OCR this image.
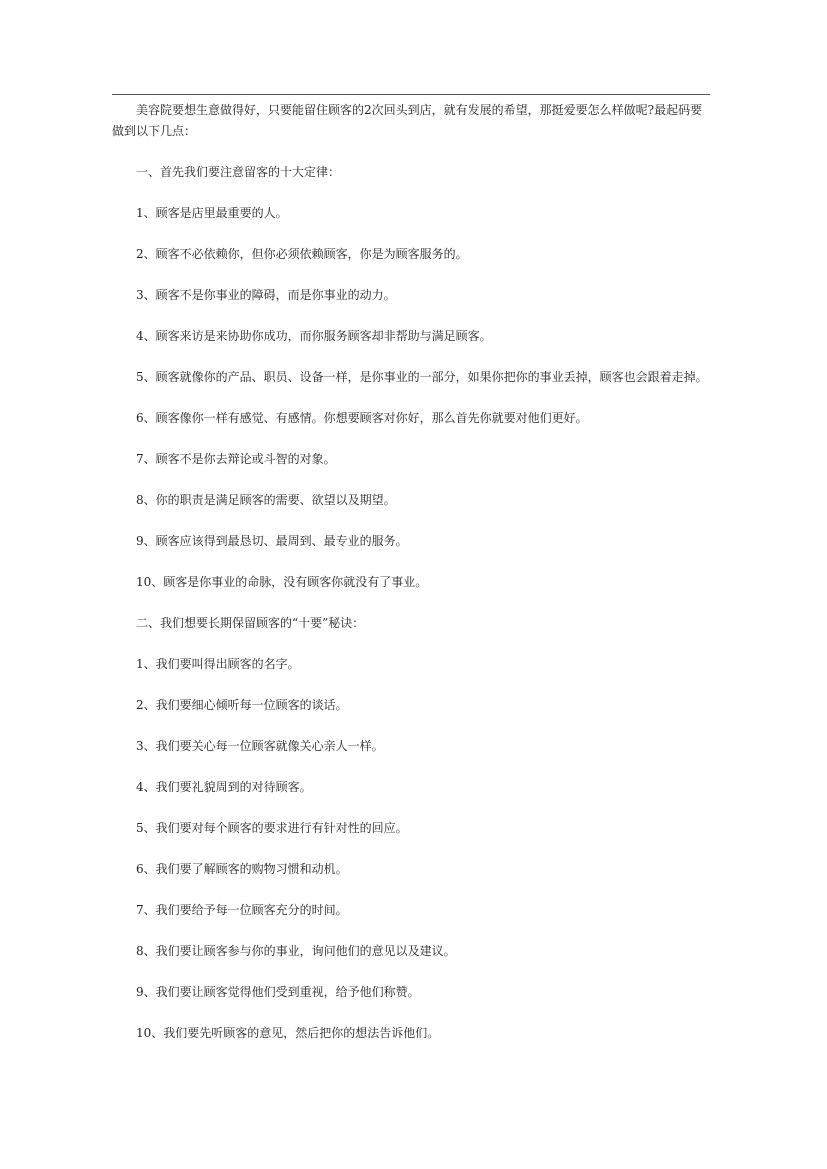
美容院要想生意做得好，只要能留住顾客的2次回头到店，就有发展的希望，那挺爱要怎么样做呢?最起码要做到以下几点：

一、首先我们要注意留客的十大定律：

1、顾客是店里最重要的人。

2、顾客不必依赖你，但你必须依赖顾客，你是为顾客服务的。

3、顾客不是你事业的障碍，而是你事业的动力。

4、顾客来访是来协助你成功，而你服务顾客却非帮助与满足顾客。

5、顾客就像你的产品、职员、设备一样，是你事业的一部分，如果你把你的事业丢掉，顾客也会跟着走掉。

6、顾客像你一样有感觉、有感情。你想要顾客对你好，那么首先你就要对他们更好。

7、顾客不是你去辩论或斗智的对象。

8、你的职责是满足顾客的需要、欲望以及期望。

9、顾客应该得到最恳切、最周到、最专业的服务。

10、顾客是你事业的命脉，没有顾客你就没有了事业。

二、我们想要长期保留顾客的“十要”秘诀：

1、我们要叫得出顾客的名字。

2、我们要细心倾听每一位顾客的谈话。

3、我们要关心每一位顾客就像关心亲人一样。

4、我们要礼貌周到的对待顾客。

5、我们要对每个顾客的要求进行有针对性的回应。

6、我们要了解顾客的购物习惯和动机。

7、我们要给予每一位顾客充分的时间。

8、我们要让顾客参与你的事业，询问他们的意见以及建议。

9、我们要让顾客觉得他们受到重视，给予他们称赞。

10、我们要先听顾客的意见，然后把你的想法告诉他们。
